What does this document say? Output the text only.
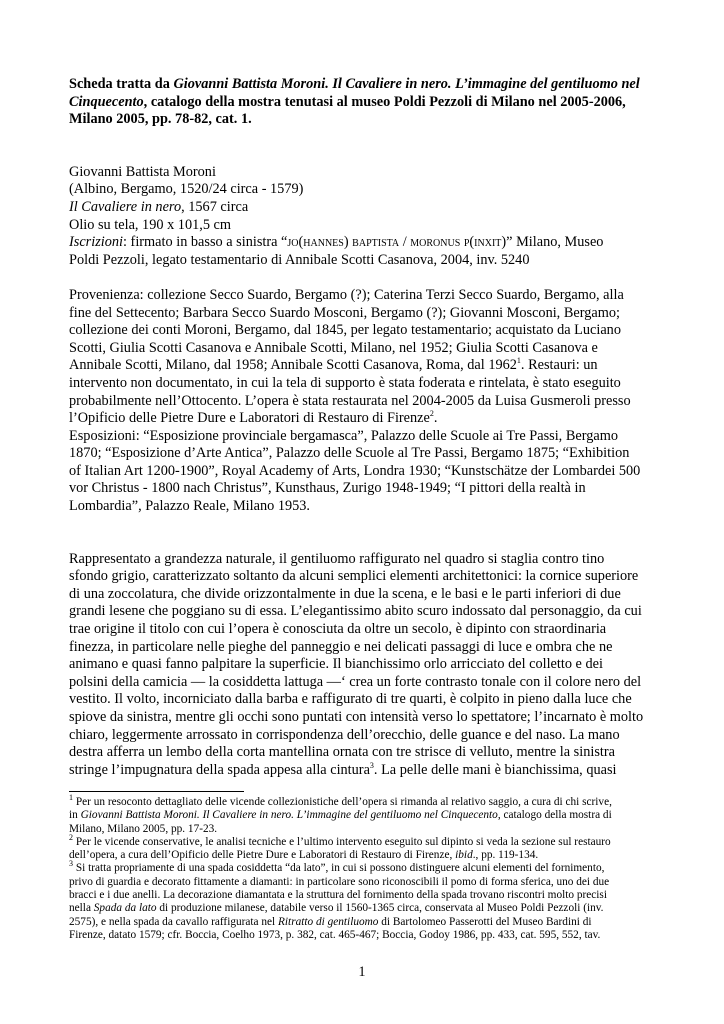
Scheda tratta da Giovanni Battista Moroni. Il Cavaliere in nero. L’immagine del gentiluomo nel
Cinquecento, catalogo della mostra tenutasi al museo Poldi Pezzoli di Milano nel 2005-2006,
Milano 2005, pp. 78-82, cat. 1.
Giovanni Battista Moroni
(Albino, Bergamo, 1520/24 circa - 1579)
Il Cavaliere in nero, 1567 circa
Olio su tela, 190 x 101,5 cm
Iscrizioni: firmato in basso a sinistra “jo(hannes) baptista / moronus p(inxit)” Milano, Museo
Poldi Pezzoli, legato testamentario di Annibale Scotti Casanova, 2004, inv. 5240
Provenienza: collezione Secco Suardo, Bergamo (?); Caterina Terzi Secco Suardo, Bergamo, alla
fine del Settecento; Barbara Secco Suardo Mosconi, Bergamo (?); Giovanni Mosconi, Bergamo;
collezione dei conti Moroni, Bergamo, dal 1845, per legato testamentario; acquistato da Luciano
Scotti, Giulia Scotti Casanova e Annibale Scotti, Milano, nel 1952; Giulia Scotti Casanova e
Annibale Scotti, Milano, dal 1958; Annibale Scotti Casanova, Roma, dal 1962$^1$. Restauri: un
intervento non documentato, in cui la tela di supporto è stata foderata e rintelata, è stato eseguito
probabilmente nell’Ottocento. L’opera è stata restaurata nel 2004-2005 da Luisa Gusmeroli presso
l’Opificio delle Pietre Dure e Laboratori di Restauro di Firenze$^2$.
Esposizioni: “Esposizione provinciale bergamasca”, Palazzo delle Scuole ai Tre Passi, Bergamo
1870; “Esposizione d’Arte Antica”, Palazzo delle Scuole al Tre Passi, Bergamo 1875; “Exhibition
of Italian Art 1200-1900”, Royal Academy of Arts, Londra 1930; “Kunstschätze der Lombardei 500
vor Christus - 1800 nach Christus”, Kunsthaus, Zurigo 1948-1949; “I pittori della realtà in
Lombardia”, Palazzo Reale, Milano 1953.
Rappresentato a grandezza naturale, il gentiluomo raffigurato nel quadro si staglia contro tino
sfondo grigio, caratterizzato soltanto da alcuni semplici elementi architettonici: la cornice superiore
di una zoccolatura, che divide orizzontalmente in due la scena, e le basi e le parti inferiori di due
grandi lesene che poggiano su di essa. L’elegantissimo abito scuro indossato dal personaggio, da cui
trae origine il titolo con cui l’opera è conosciuta da oltre un secolo, è dipinto con straordinaria
finezza, in particolare nelle pieghe del panneggio e nei delicati passaggi di luce e ombra che ne
animano e quasi fanno palpitare la superficie. Il bianchissimo orlo arricciato del colletto e dei
polsini della camicia — la cosiddetta lattuga —‘ crea un forte contrasto tonale con il colore nero del
vestito. Il volto, incorniciato dalla barba e raffigurato di tre quarti, è colpito in pieno dalla luce che
spiove da sinistra, mentre gli occhi sono puntati con intensità verso lo spettatore; l’incarnato è molto
chiaro, leggermente arrossato in corrispondenza dell’orecchio, delle guance e del naso. La mano
destra afferra un lembo della corta mantellina ornata con tre strisce di velluto, mentre la sinistra
stringe l’impugnatura della spada appesa alla cintura$^3$. La pelle delle mani è bianchissima, quasi
$^1$ Per un resoconto dettagliato delle vicende collezionistiche dell’opera si rimanda al relativo saggio, a cura di chi scrive,
in Giovanni Battista Moroni. Il Cavaliere in nero. L’immagine del gentiluomo nel Cinquecento, catalogo della mostra di
Milano, Milano 2005, pp. 17-23.
$^2$ Per le vicende conservative, le analisi tecniche e l’ultimo intervento eseguito sul dipinto si veda la sezione sul restauro
dell’opera, a cura dell’Opificio delle Pietre Dure e Laboratori di Restauro di Firenze, ibid., pp. 119-134.
$^3$ Si tratta propriamente di una spada cosiddetta “da lato”, in cui si possono distinguere alcuni elementi del fornimento,
privo di guardia e decorato fittamente a diamanti: in particolare sono riconoscibili il pomo di forma sferica, uno dei due
bracci e i due anelli. La decorazione diamantata e la struttura del fornimento della spada trovano riscontri molto precisi
nella Spada da lato di produzione milanese, databile verso il 1560-1365 circa, conservata al Museo Poldi Pezzoli (inv.
2575), e nella spada da cavallo raffigurata nel Ritratto di gentiluomo di Bartolomeo Passerotti del Museo Bardini di
Firenze, datato 1579; cfr. Boccia, Coelho 1973, p. 382, cat. 465-467; Boccia, Godoy 1986, pp. 433, cat. 595, 552, tav.
1
